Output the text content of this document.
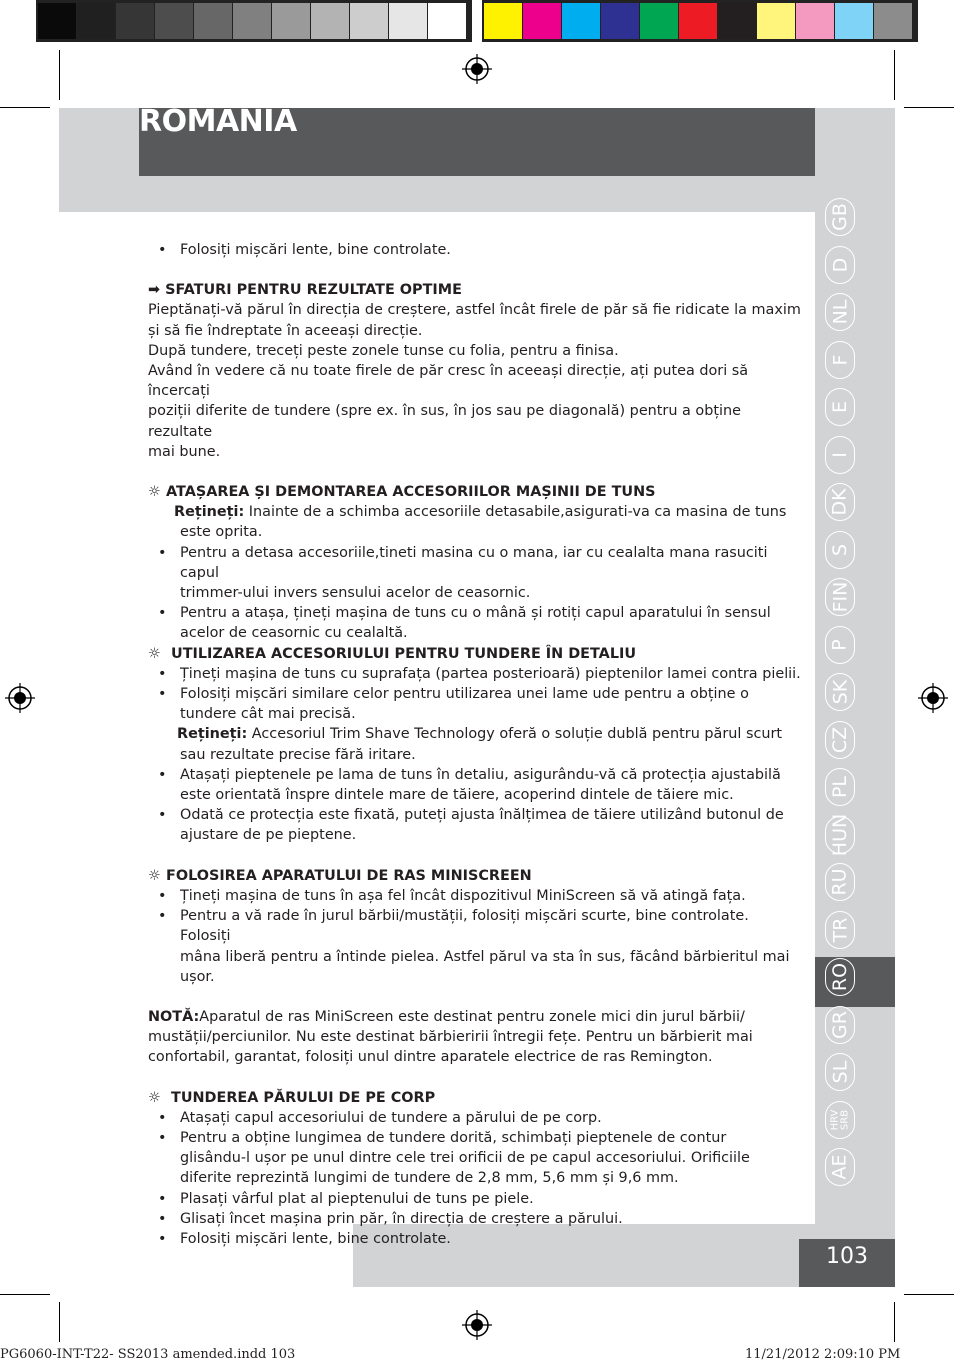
ROMANIA
GB
D
NL
F
E
I
DK
S
FIN
P
SK
CZ
PL
HUN
RU
TR
RO
GR
SL
HRV
SRB
AE

• Folosiți mișcări lente, bine controlate.

➡ SFATURI PENTRU REZULTATE OPTIME

Pieptănați-vă părul în direcția de creștere, astfel încât firele de păr să fie ridicate la maxim

și să fie îndreptate în aceeași direcție.

După tundere, treceți peste zonele tunse cu folia, pentru a finisa.

Având în vedere că nu toate firele de păr cresc în aceeași direcție, ați putea dori să încercați

poziții diferite de tundere (spre ex. în sus, în jos sau pe diagonală) pentru a obține rezultate

mai bune.

☼ ATAȘAREA ȘI DEMONTAREA ACCESORIILOR MAȘINII DE TUNS

Rețineți: Inainte de a schimba accesoriile detasabile,asigurati-va ca masina de tuns

este oprita.

• Pentru a detasa accesoriile,tineti masina cu o mana, iar cu cealalta mana rasuciti capul

trimmer-ului invers sensului acelor de ceasornic.

• Pentru a atașa, țineți mașina de tuns cu o mână și rotiți capul aparatului în sensul

acelor de ceasornic cu cealaltă.

☼ UTILIZAREA ACCESORIULUI PENTRU TUNDERE ÎN DETALIU

• Țineți mașina de tuns cu suprafața (partea posterioară) pieptenilor lamei contra pielii.

• Folosiți mișcări similare celor pentru utilizarea unei lame ude pentru a obține o

tundere cât mai precisă.

Rețineți: Accesoriul Trim Shave Technology oferă o soluție dublă pentru părul scurt

sau rezultate precise fără iritare.

• Atașați pieptenele pe lama de tuns în detaliu, asigurându-vă că protecția ajustabilă

este orientată înspre dintele mare de tăiere, acoperind dintele de tăiere mic.

• Odată ce protecția este fixată, puteți ajusta înălțimea de tăiere utilizând butonul de

ajustare de pe pieptene.

☼ FOLOSIREA APARATULUI DE RAS MINISCREEN

• Țineți mașina de tuns în așa fel încât dispozitivul MiniScreen să vă atingă fața.

• Pentru a vă rade în jurul bărbii/mustății, folosiți mișcări scurte, bine controlate. Folosiți

mâna liberă pentru a întinde pielea. Astfel părul va sta în sus, făcând bărbieritul mai

ușor.

NOTĂ:Aparatul de ras MiniScreen este destinat pentru zonele mici din jurul bărbii/

mustății/perciunilor. Nu este destinat bărbieririi întregii fețe. Pentru un bărbierit mai

confortabil, garantat, folosiți unul dintre aparatele electrice de ras Remington.

☼ TUNDEREA PĂRULUI DE PE CORP

• Atașați capul accesoriului de tundere a părului de pe corp.

• Pentru a obține lungimea de tundere dorită, schimbați pieptenele de contur

glisându-l ușor pe unul dintre cele trei orificii de pe capul accesoriului. Orificiile

diferite reprezintă lungimi de tundere de 2,8 mm, 5,6 mm și 9,6 mm.

• Plasați vârful plat al pieptenului de tuns pe piele.

• Glisați încet mașina prin păr, în direcția de creștere a părului.

• Folosiți mișcări lente, bine controlate.

103
PG6060-INT-T22- SS2013 amended.indd 103	11/21/2012 2:09:10 PM
